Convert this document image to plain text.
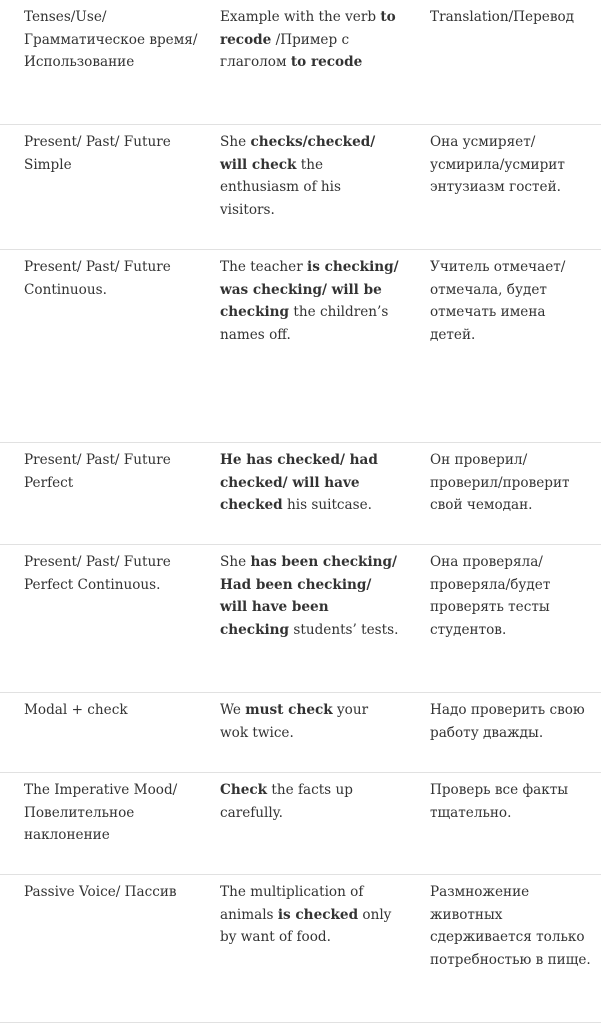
Tenses/Use/ Грамматическое время/ Использование
Example with the verb to recode /Пример с глаголом to recode
Translation/Перевод
Present/ Past/ Future Simple
She checks/checked/ will check the enthusiasm of his visitors.
Она усмиряет/ усмирила/усмирит энтузиазм гостей.
Present/ Past/ Future Continuous.
The teacher is checking/ was checking/ will be checking the children’s names off.
Учитель отмечает/ отмечала, будет отмечать имена детей.
Present/ Past/ Future Perfect
He has checked/ had checked/ will have checked his suitcase.
Он проверил/ проверил/проверит свой чемодан.
Present/ Past/ Future Perfect Continuous.
She has been checking/ Had been checking/ will have been checking students’ tests.
Она проверяла/ проверяла/будет проверять тесты студентов.
Modal + check	We must check your wok twice.
Надо проверить свою работу дважды.
The Imperative Mood/Повелительное наклонение
Check the facts up carefully.
Проверь все факты тщательно.
Passive Voice/ Пассив	The multiplication of animals is checked only by want of food.
Размножение животных сдерживается только потребностью в пище.
